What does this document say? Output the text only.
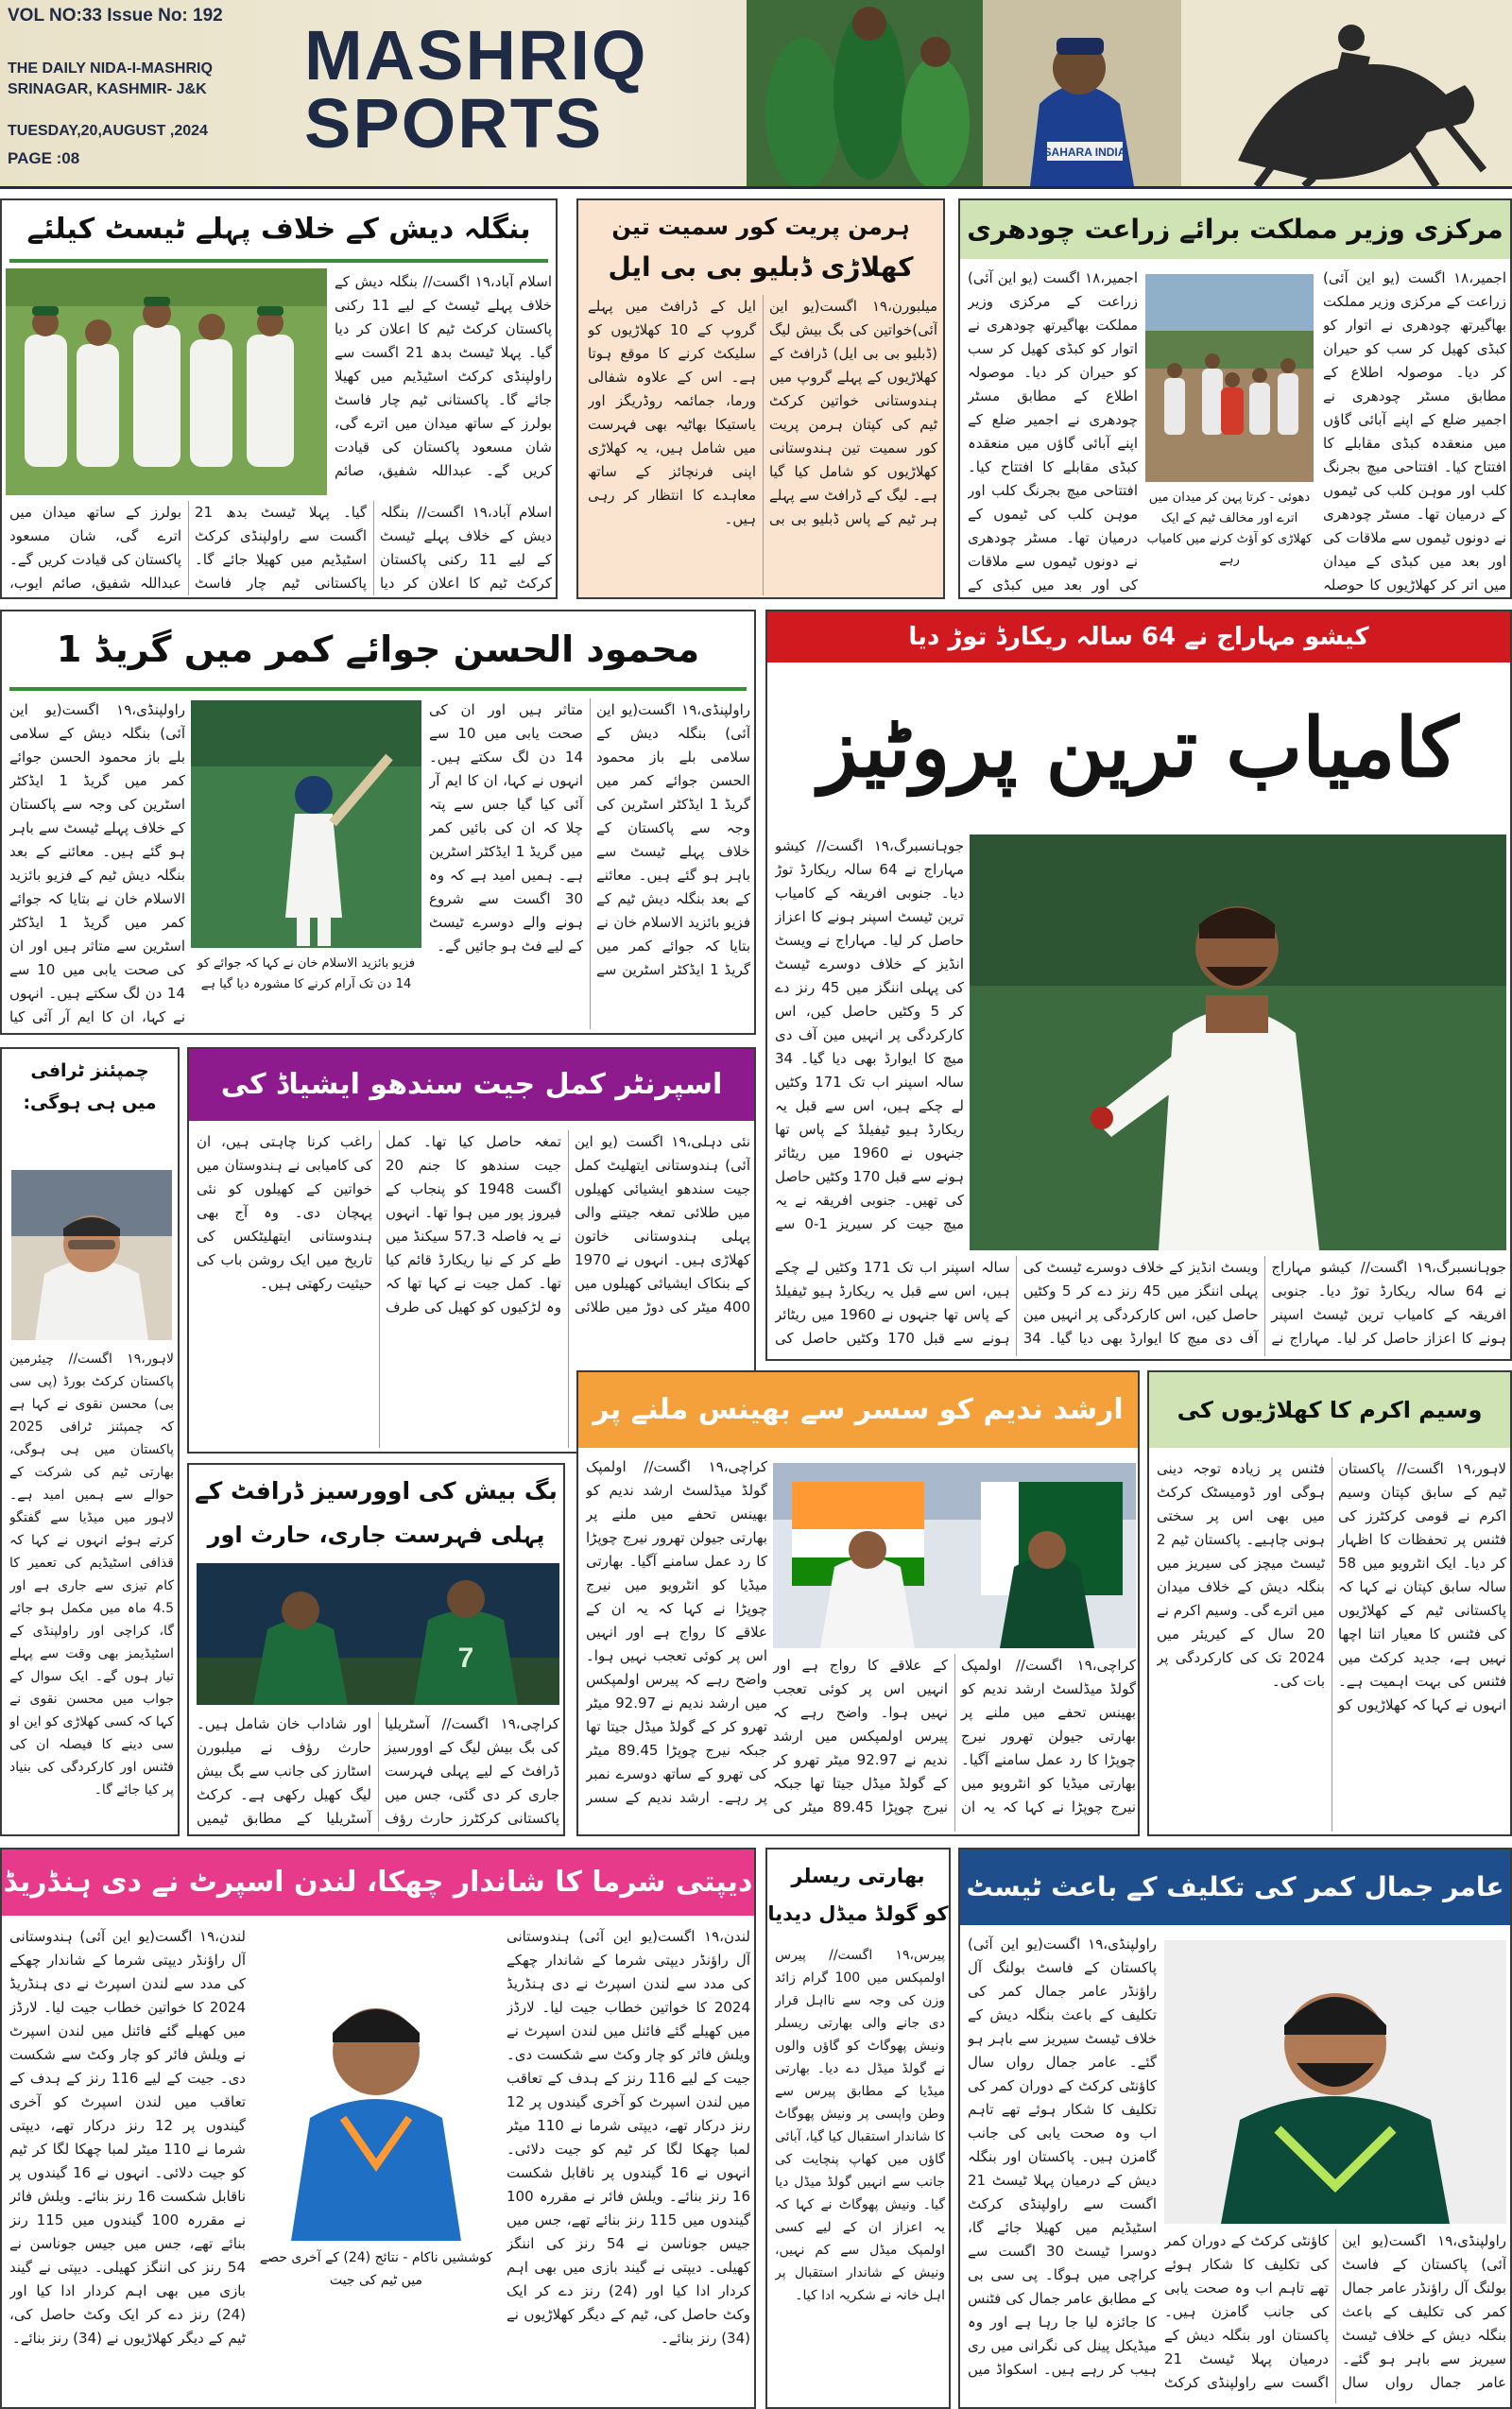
VOL NO:33 Issue No: 192
THE DAILY NIDA-I-MASHRIQ
SRINAGAR, KASHMIR- J&K
TUESDAY,20,AUGUST ,2024
PAGE :08
MASHRIQ
SPORTS	SAHARA INDIA
بنگلہ دیش کے خلاف پہلے ٹیسٹ کیلئے
اسلام آباد،۱۹ اگست// بنگلہ دیش کے خلاف پہلے ٹیسٹ کے لیے 11 رکنی پاکستان کرکٹ ٹیم کا اعلان کر دیا گیا۔ پہلا ٹیسٹ بدھ 21 اگست سے راولپنڈی کرکٹ اسٹیڈیم میں کھیلا جائے گا۔ پاکستانی ٹیم چار فاسٹ بولرز کے ساتھ میدان میں اترے گی، شان مسعود پاکستان کی قیادت کریں گے۔ عبداللہ شفیق، صائم
اسلام آباد،۱۹ اگست// بنگلہ دیش کے خلاف پہلے ٹیسٹ کے لیے 11 رکنی پاکستان کرکٹ ٹیم کا اعلان کر دیا گیا۔ پہلا ٹیسٹ بدھ 21 اگست سے راولپنڈی کرکٹ اسٹیڈیم میں کھیلا جائے گا۔ پاکستانی ٹیم چار فاسٹ بولرز کے ساتھ میدان میں اترے گی، شان مسعود پاکستان کی قیادت کریں گے۔ عبداللہ شفیق، صائم ایوب،
ہرمن پریت کور سمیت تین
کھلاڑی ڈبلیو بی بی ایل
میلبورن،۱۹ اگست(یو این آئی)خواتین کی بگ بیش لیگ (ڈبلیو بی بی ایل) ڈرافٹ کے کھلاڑیوں کے پہلے گروپ میں ہندوستانی خواتین کرکٹ ٹیم کی کپتان ہرمن پریت کور سمیت تین ہندوستانی کھلاڑیوں کو شامل کیا گیا ہے۔ لیگ کے ڈرافٹ سے پہلے ہر ٹیم کے پاس ڈبلیو بی بی ایل کے ڈرافٹ میں پہلے گروپ کے 10 کھلاڑیوں کو سلیکٹ کرنے کا موقع ہوتا ہے۔ اس کے علاوہ شفالی ورما، جمائمہ روڈریگز اور یاستیکا بھاٹیہ بھی فہرست میں شامل ہیں، یہ کھلاڑی اپنی فرنچائز کے ساتھ معاہدے کا انتظار کر رہی ہیں۔
مرکزی وزیر مملکت برائے زراعت چودھری
اجمیر،۱۸ اگست (یو این آئی) زراعت کے مرکزی وزیر مملکت بھاگیرتھ چودھری نے اتوار کو کبڈی کھیل کر سب کو حیران کر دیا۔ موصولہ اطلاع کے مطابق مسٹر چودھری نے اجمیر ضلع کے اپنے آبائی گاؤں میں منعقدہ کبڈی مقابلے کا افتتاح کیا۔ افتتاحی میچ بجرنگ کلب اور موہن کلب کی ٹیموں کے درمیان تھا۔ مسٹر چودھری نے دونوں ٹیموں سے ملاقات کی اور بعد میں کبڈی کے
دھوئی - کرتا پہن کر میدان میں اترے اور مخالف ٹیم کے ایک کھلاڑی کو آؤٹ کرنے میں کامیاب رہے
اجمیر،۱۸ اگست (یو این آئی) زراعت کے مرکزی وزیر مملکت بھاگیرتھ چودھری نے اتوار کو کبڈی کھیل کر سب کو حیران کر دیا۔ موصولہ اطلاع کے مطابق مسٹر چودھری نے اجمیر ضلع کے اپنے آبائی گاؤں میں منعقدہ کبڈی مقابلے کا افتتاح کیا۔ افتتاحی میچ بجرنگ کلب اور موہن کلب کی ٹیموں کے درمیان تھا۔ مسٹر چودھری نے دونوں ٹیموں سے ملاقات کی اور بعد میں کبڈی کے میدان میں اتر کر کھلاڑیوں کا حوصلہ
محمود الحسن جوائے کمر میں گریڈ 1
راولپنڈی،۱۹ اگست(یو این آئی) بنگلہ دیش کے سلامی بلے باز محمود الحسن جوائے کمر میں گریڈ 1 ایڈکٹر اسٹرین کی وجہ سے پاکستان کے خلاف پہلے ٹیسٹ سے باہر ہو گئے ہیں۔ معائنے کے بعد بنگلہ دیش ٹیم کے فزیو بائزید الاسلام خان نے بتایا کہ جوائے کمر میں گریڈ 1 ایڈکٹر اسٹرین سے متاثر ہیں اور ان کی صحت یابی میں 10 سے 14 دن لگ سکتے ہیں۔ انہوں نے کہا، ان کا ایم آر آئی کیا
فزیو بائزید الاسلام خان نے کہا کہ جوائے کو 14 دن تک آرام کرنے کا مشورہ دیا گیا ہے
راولپنڈی،۱۹ اگست(یو این آئی) بنگلہ دیش کے سلامی بلے باز محمود الحسن جوائے کمر میں گریڈ 1 ایڈکٹر اسٹرین کی وجہ سے پاکستان کے خلاف پہلے ٹیسٹ سے باہر ہو گئے ہیں۔ معائنے کے بعد بنگلہ دیش ٹیم کے فزیو بائزید الاسلام خان نے بتایا کہ جوائے کمر میں گریڈ 1 ایڈکٹر اسٹرین سے متاثر ہیں اور ان کی صحت یابی میں 10 سے 14 دن لگ سکتے ہیں۔ انہوں نے کہا، ان کا ایم آر آئی کیا گیا جس سے پتہ چلا کہ ان کی بائیں کمر میں گریڈ 1 ایڈکٹر اسٹرین ہے۔ ہمیں امید ہے کہ وہ 30 اگست سے شروع ہونے والے دوسرے ٹیسٹ کے لیے فٹ ہو جائیں گے۔
کیشو مہاراج نے 64 سالہ ریکارڈ توڑ دیا
کامیاب ترین پروٹیز
جوہانسبرگ،۱۹ اگست// کیشو مہاراج نے 64 سالہ ریکارڈ توڑ دیا۔ جنوبی افریقہ کے کامیاب ترین ٹیسٹ اسپنر ہونے کا اعزاز حاصل کر لیا۔ مہاراج نے ویسٹ انڈیز کے خلاف دوسرے ٹیسٹ کی پہلی اننگز میں 45 رنز دے کر 5 وکٹیں حاصل کیں، اس کارکردگی پر انہیں مین آف دی میچ کا ایوارڈ بھی دیا گیا۔ 34 سالہ اسپنر اب تک 171 وکٹیں لے چکے ہیں، اس سے قبل یہ ریکارڈ ہیو ٹیفیلڈ کے پاس تھا جنہوں نے 1960 میں ریٹائر ہونے سے قبل 170 وکٹیں حاصل کی تھیں۔ جنوبی افریقہ نے یہ میچ جیت کر سیریز 1-0 سے
جوہانسبرگ،۱۹ اگست// کیشو مہاراج نے 64 سالہ ریکارڈ توڑ دیا۔ جنوبی افریقہ کے کامیاب ترین ٹیسٹ اسپنر ہونے کا اعزاز حاصل کر لیا۔ مہاراج نے ویسٹ انڈیز کے خلاف دوسرے ٹیسٹ کی پہلی اننگز میں 45 رنز دے کر 5 وکٹیں حاصل کیں، اس کارکردگی پر انہیں مین آف دی میچ کا ایوارڈ بھی دیا گیا۔ 34 سالہ اسپنر اب تک 171 وکٹیں لے چکے ہیں، اس سے قبل یہ ریکارڈ ہیو ٹیفیلڈ کے پاس تھا جنہوں نے 1960 میں ریٹائر ہونے سے قبل 170 وکٹیں حاصل کی
چمپئنز ٹرافی
میں ہی ہوگی:
لاہور،۱۹ اگست// چیئرمین پاکستان کرکٹ بورڈ (پی سی بی) محسن نقوی نے کہا ہے کہ چمپئنز ٹرافی 2025 پاکستان میں ہی ہوگی، بھارتی ٹیم کی شرکت کے حوالے سے ہمیں امید ہے۔ لاہور میں میڈیا سے گفتگو کرتے ہوئے انہوں نے کہا کہ قذافی اسٹیڈیم کی تعمیر کا کام تیزی سے جاری ہے اور 4.5 ماہ میں مکمل ہو جائے گا، کراچی اور راولپنڈی کے اسٹیڈیمز بھی وقت سے پہلے تیار ہوں گے۔ ایک سوال کے جواب میں محسن نقوی نے کہا کہ کسی کھلاڑی کو این او سی دینے کا فیصلہ ان کی فٹنس اور کارکردگی کی بنیاد پر کیا جائے گا۔
اسپرنٹر کمل جیت سندھو ایشیاڈ کی
نئی دہلی،۱۹ اگست (یو این آئی) ہندوستانی ایتھلیٹ کمل جیت سندھو ایشیائی کھیلوں میں طلائی تمغہ جیتنے والی پہلی ہندوستانی خاتون کھلاڑی ہیں۔ انہوں نے 1970 کے بنکاک ایشیائی کھیلوں میں 400 میٹر کی دوڑ میں طلائی تمغہ حاصل کیا تھا۔ کمل جیت سندھو کا جنم 20 اگست 1948 کو پنجاب کے فیروز پور میں ہوا تھا۔ انہوں نے یہ فاصلہ 57.3 سیکنڈ میں طے کر کے نیا ریکارڈ قائم کیا تھا۔ کمل جیت نے کہا تھا کہ وہ لڑکیوں کو کھیل کی طرف راغب کرنا چاہتی ہیں، ان کی کامیابی نے ہندوستان میں خواتین کے کھیلوں کو نئی پہچان دی۔ وہ آج بھی ہندوستانی ایتھلیٹکس کی تاریخ میں ایک روشن باب کی حیثیت رکھتی ہیں۔
بگ بیش کی اوورسیز ڈرافٹ کے
پہلی فہرست جاری، حارث اور
7
کراچی،۱۹ اگست// آسٹریلیا کی بگ بیش لیگ کے اوورسیز ڈرافٹ کے لیے پہلی فہرست جاری کر دی گئی، جس میں پاکستانی کرکٹرز حارث رؤف اور شاداب خان شامل ہیں۔ حارث رؤف نے میلبورن اسٹارز کی جانب سے بگ بیش لیگ کھیل رکھی ہے۔ کرکٹ آسٹریلیا کے مطابق ٹیمیں
ارشد ندیم کو سسر سے بھینس ملنے پر
کراچی،۱۹ اگست// اولمپک گولڈ میڈلسٹ ارشد ندیم کو بھینس تحفے میں ملنے پر بھارتی جیولن تھرور نیرج چوپڑا کا رد عمل سامنے آگیا۔ بھارتی میڈیا کو انٹرویو میں نیرج چوپڑا نے کہا کہ یہ ان کے علاقے کا رواج ہے اور انہیں اس پر کوئی تعجب نہیں ہوا۔ واضح رہے کہ پیرس اولمپکس میں ارشد ندیم نے 92.97 میٹر تھرو کر کے گولڈ میڈل جیتا تھا جبکہ نیرج چوپڑا 89.45 میٹر کی تھرو کے ساتھ دوسرے نمبر پر رہے۔ ارشد ندیم کے سسر
کراچی،۱۹ اگست// اولمپک گولڈ میڈلسٹ ارشد ندیم کو بھینس تحفے میں ملنے پر بھارتی جیولن تھرور نیرج چوپڑا کا رد عمل سامنے آگیا۔ بھارتی میڈیا کو انٹرویو میں نیرج چوپڑا نے کہا کہ یہ ان کے علاقے کا رواج ہے اور انہیں اس پر کوئی تعجب نہیں ہوا۔ واضح رہے کہ پیرس اولمپکس میں ارشد ندیم نے 92.97 میٹر تھرو کر کے گولڈ میڈل جیتا تھا جبکہ نیرج چوپڑا 89.45 میٹر کی
وسیم اکرم کا کھلاڑیوں کی
لاہور،۱۹ اگست// پاکستان ٹیم کے سابق کپتان وسیم اکرم نے قومی کرکٹرز کی فٹنس پر تحفظات کا اظہار کر دیا۔ ایک انٹرویو میں 58 سالہ سابق کپتان نے کہا کہ پاکستانی ٹیم کے کھلاڑیوں کی فٹنس کا معیار اتنا اچھا نہیں ہے، جدید کرکٹ میں فٹنس کی بہت اہمیت ہے۔ انہوں نے کہا کہ کھلاڑیوں کو فٹنس پر زیادہ توجہ دینی ہوگی اور ڈومیسٹک کرکٹ میں بھی اس پر سختی ہونی چاہیے۔ پاکستان ٹیم 2 ٹیسٹ میچز کی سیریز میں بنگلہ دیش کے خلاف میدان میں اترے گی۔ وسیم اکرم نے 20 سال کے کیریئر میں 2024 تک کی کارکردگی پر بات کی۔
دیپتی شرما کا شاندار چھکا، لندن اسپرٹ نے دی ہنڈریڈ
لندن،۱۹ اگست(یو این آئی) ہندوستانی آل راؤنڈر دیپتی شرما کے شاندار چھکے کی مدد سے لندن اسپرٹ نے دی ہنڈریڈ 2024 کا خواتین خطاب جیت لیا۔ لارڈز میں کھیلے گئے فائنل میں لندن اسپرٹ نے ویلش فائر کو چار وکٹ سے شکست دی۔ جیت کے لیے 116 رنز کے ہدف کے تعاقب میں لندن اسپرٹ کو آخری گیندوں پر 12 رنز درکار تھے، دیپتی شرما نے 110 میٹر لمبا چھکا لگا کر ٹیم کو جیت دلائی۔ انہوں نے 16 گیندوں پر ناقابل شکست 16 رنز بنائے۔ ویلش فائر نے مقررہ 100 گیندوں میں 115 رنز بنائے تھے، جس میں جیس جوناسن نے 54 رنز کی اننگز کھیلی۔ دیپتی نے گیند بازی میں بھی اہم کردار ادا کیا اور (24) رنز دے کر ایک وکٹ حاصل کی، ٹیم کے دیگر کھلاڑیوں نے (34) رنز بنائے۔
کوششیں ناکام - نتائج (24) کے آخری حصے میں ٹیم کی جیت
لندن،۱۹ اگست(یو این آئی) ہندوستانی آل راؤنڈر دیپتی شرما کے شاندار چھکے کی مدد سے لندن اسپرٹ نے دی ہنڈریڈ 2024 کا خواتین خطاب جیت لیا۔ لارڈز میں کھیلے گئے فائنل میں لندن اسپرٹ نے ویلش فائر کو چار وکٹ سے شکست دی۔ جیت کے لیے 116 رنز کے ہدف کے تعاقب میں لندن اسپرٹ کو آخری گیندوں پر 12 رنز درکار تھے، دیپتی شرما نے 110 میٹر لمبا چھکا لگا کر ٹیم کو جیت دلائی۔ انہوں نے 16 گیندوں پر ناقابل شکست 16 رنز بنائے۔ ویلش فائر نے مقررہ 100 گیندوں میں 115 رنز بنائے تھے، جس میں جیس جوناسن نے 54 رنز کی اننگز کھیلی۔ دیپتی نے گیند بازی میں بھی اہم کردار ادا کیا اور (24) رنز دے کر ایک وکٹ حاصل کی، ٹیم کے دیگر کھلاڑیوں نے (34) رنز بنائے۔
بھارتی ریسلر
کو گولڈ میڈل دیدیا
پیرس،۱۹ اگست// پیرس اولمپکس میں 100 گرام زائد وزن کی وجہ سے نااہل قرار دی جانے والی بھارتی ریسلر ونیش پھوگاٹ کو گاؤں والوں نے گولڈ میڈل دے دیا۔ بھارتی میڈیا کے مطابق پیرس سے وطن واپسی پر ونیش پھوگاٹ کا شاندار استقبال کیا گیا، آبائی گاؤں میں کھاپ پنچایت کی جانب سے انہیں گولڈ میڈل دیا گیا۔ ونیش پھوگاٹ نے کہا کہ یہ اعزاز ان کے لیے کسی اولمپک میڈل سے کم نہیں، ونیش کے شاندار استقبال پر اہل خانہ نے شکریہ ادا کیا۔
عامر جمال کمر کی تکلیف کے باعث ٹیسٹ
راولپنڈی،۱۹ اگست(یو این آئی) پاکستان کے فاسٹ بولنگ آل راؤنڈر عامر جمال کمر کی تکلیف کے باعث بنگلہ دیش کے خلاف ٹیسٹ سیریز سے باہر ہو گئے۔ عامر جمال رواں سال کاؤنٹی کرکٹ کے دوران کمر کی تکلیف کا شکار ہوئے تھے تاہم اب وہ صحت یابی کی جانب گامزن ہیں۔ پاکستان اور بنگلہ دیش کے درمیان پہلا ٹیسٹ 21 اگست سے راولپنڈی کرکٹ اسٹیڈیم میں کھیلا جائے گا، دوسرا ٹیسٹ 30 اگست سے کراچی میں ہوگا۔ پی سی بی کے مطابق عامر جمال کی فٹنس کا جائزہ لیا جا رہا ہے اور وہ میڈیکل پینل کی نگرانی میں ری ہیب کر رہے ہیں۔ اسکواڈ میں
راولپنڈی،۱۹ اگست(یو این آئی) پاکستان کے فاسٹ بولنگ آل راؤنڈر عامر جمال کمر کی تکلیف کے باعث بنگلہ دیش کے خلاف ٹیسٹ سیریز سے باہر ہو گئے۔ عامر جمال رواں سال کاؤنٹی کرکٹ کے دوران کمر کی تکلیف کا شکار ہوئے تھے تاہم اب وہ صحت یابی کی جانب گامزن ہیں۔ پاکستان اور بنگلہ دیش کے درمیان پہلا ٹیسٹ 21 اگست سے راولپنڈی کرکٹ
